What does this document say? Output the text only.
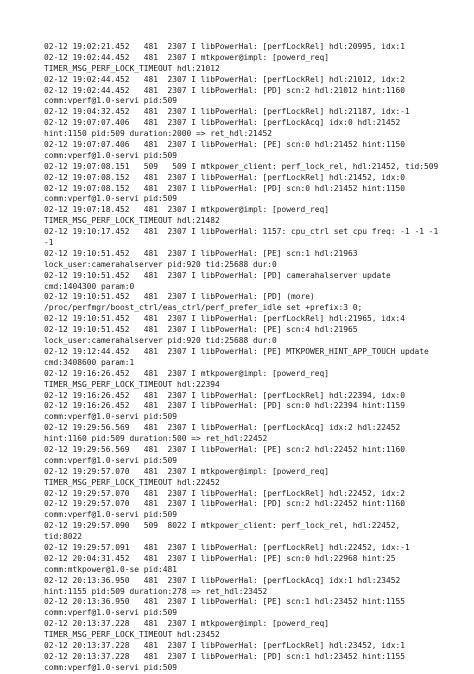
02-12 19:02:21.452   481  2307 I libPowerHal: [perfLockRel] hdl:20995, idx:1
02-12 19:02:44.452   481  2307 I mtkpower@impl: [powerd_req]
TIMER_MSG_PERF_LOCK_TIMEOUT hdl:21012
02-12 19:02:44.452   481  2307 I libPowerHal: [perfLockRel] hdl:21012, idx:2
02-12 19:02:44.452   481  2307 I libPowerHal: [PD] scn:2 hdl:21012 hint:1160
comm:vperf@1.0-servi pid:509
02-12 19:04:32.452   481  2307 I libPowerHal: [perfLockRel] hdl:21187, idx:-1
02-12 19:07:07.406   481  2307 I libPowerHal: [perfLockAcq] idx:0 hdl:21452
hint:1150 pid:509 duration:2000 => ret_hdl:21452
02-12 19:07:07.406   481  2307 I libPowerHal: [PE] scn:0 hdl:21452 hint:1150
comm:vperf@1.0-servi pid:509
02-12 19:07:08.151   509   509 I mtkpower_client: perf_lock_rel, hdl:21452, tid:509
02-12 19:07:08.152   481  2307 I libPowerHal: [perfLockRel] hdl:21452, idx:0
02-12 19:07:08.152   481  2307 I libPowerHal: [PD] scn:0 hdl:21452 hint:1150
comm:vperf@1.0-servi pid:509
02-12 19:07:18.452   481  2307 I mtkpower@impl: [powerd_req]
TIMER_MSG_PERF_LOCK_TIMEOUT hdl:21482
02-12 19:10:17.452   481  2307 I libPowerHal: 1157: cpu_ctrl set cpu freq: -1 -1 -1
-1
02-12 19:10:51.452   481  2307 I libPowerHal: [PE] scn:1 hdl:21963
lock_user:camerahalserver pid:920 tid:25688 dur:0
02-12 19:10:51.452   481  2307 I libPowerHal: [PD] camerahalserver update
cmd:1404300 param:0
02-12 19:10:51.452   481  2307 I libPowerHal: [PD] (more)
/proc/perfmgr/boost_ctrl/eas_ctrl/perf_prefer_idle set +prefix:3 0;
02-12 19:10:51.452   481  2307 I libPowerHal: [perfLockRel] hdl:21965, idx:4
02-12 19:10:51.452   481  2307 I libPowerHal: [PE] scn:4 hdl:21965
lock_user:camerahalserver pid:920 tid:25688 dur:0
02-12 19:12:44.452   481  2307 I libPowerHal: [PE] MTKPOWER_HINT_APP_TOUCH update
cmd:3408600 param:1
02-12 19:16:26.452   481  2307 I mtkpower@impl: [powerd_req]
TIMER_MSG_PERF_LOCK_TIMEOUT hdl:22394
02-12 19:16:26.452   481  2307 I libPowerHal: [perfLockRel] hdl:22394, idx:0
02-12 19:16:26.452   481  2307 I libPowerHal: [PD] scn:0 hdl:22394 hint:1159
comm:vperf@1.0-servi pid:509
02-12 19:29:56.569   481  2307 I libPowerHal: [perfLockAcq] idx:2 hdl:22452
hint:1160 pid:509 duration:500 => ret_hdl:22452
02-12 19:29:56.569   481  2307 I libPowerHal: [PE] scn:2 hdl:22452 hint:1160
comm:vperf@1.0-servi pid:509
02-12 19:29:57.070   481  2307 I mtkpower@impl: [powerd_req]
TIMER_MSG_PERF_LOCK_TIMEOUT hdl:22452
02-12 19:29:57.070   481  2307 I libPowerHal: [perfLockRel] hdl:22452, idx:2
02-12 19:29:57.070   481  2307 I libPowerHal: [PD] scn:2 hdl:22452 hint:1160
comm:vperf@1.0-servi pid:509
02-12 19:29:57.090   509  8022 I mtkpower_client: perf_lock_rel, hdl:22452,
tid:8022
02-12 19:29:57.091   481  2307 I libPowerHal: [perfLockRel] hdl:22452, idx:-1
02-12 20:04:31.452   481  2307 I libPowerHal: [PE] scn:0 hdl:22968 hint:25
comm:mtkpower@1.0-se pid:481
02-12 20:13:36.950   481  2307 I libPowerHal: [perfLockAcq] idx:1 hdl:23452
hint:1155 pid:509 duration:278 => ret_hdl:23452
02-12 20:13:36.950   481  2307 I libPowerHal: [PE] scn:1 hdl:23452 hint:1155
comm:vperf@1.0-servi pid:509
02-12 20:13:37.228   481  2307 I mtkpower@impl: [powerd_req]
TIMER_MSG_PERF_LOCK_TIMEOUT hdl:23452
02-12 20:13:37.228   481  2307 I libPowerHal: [perfLockRel] hdl:23452, idx:1
02-12 20:13:37.228   481  2307 I libPowerHal: [PD] scn:1 hdl:23452 hint:1155
comm:vperf@1.0-servi pid:509
